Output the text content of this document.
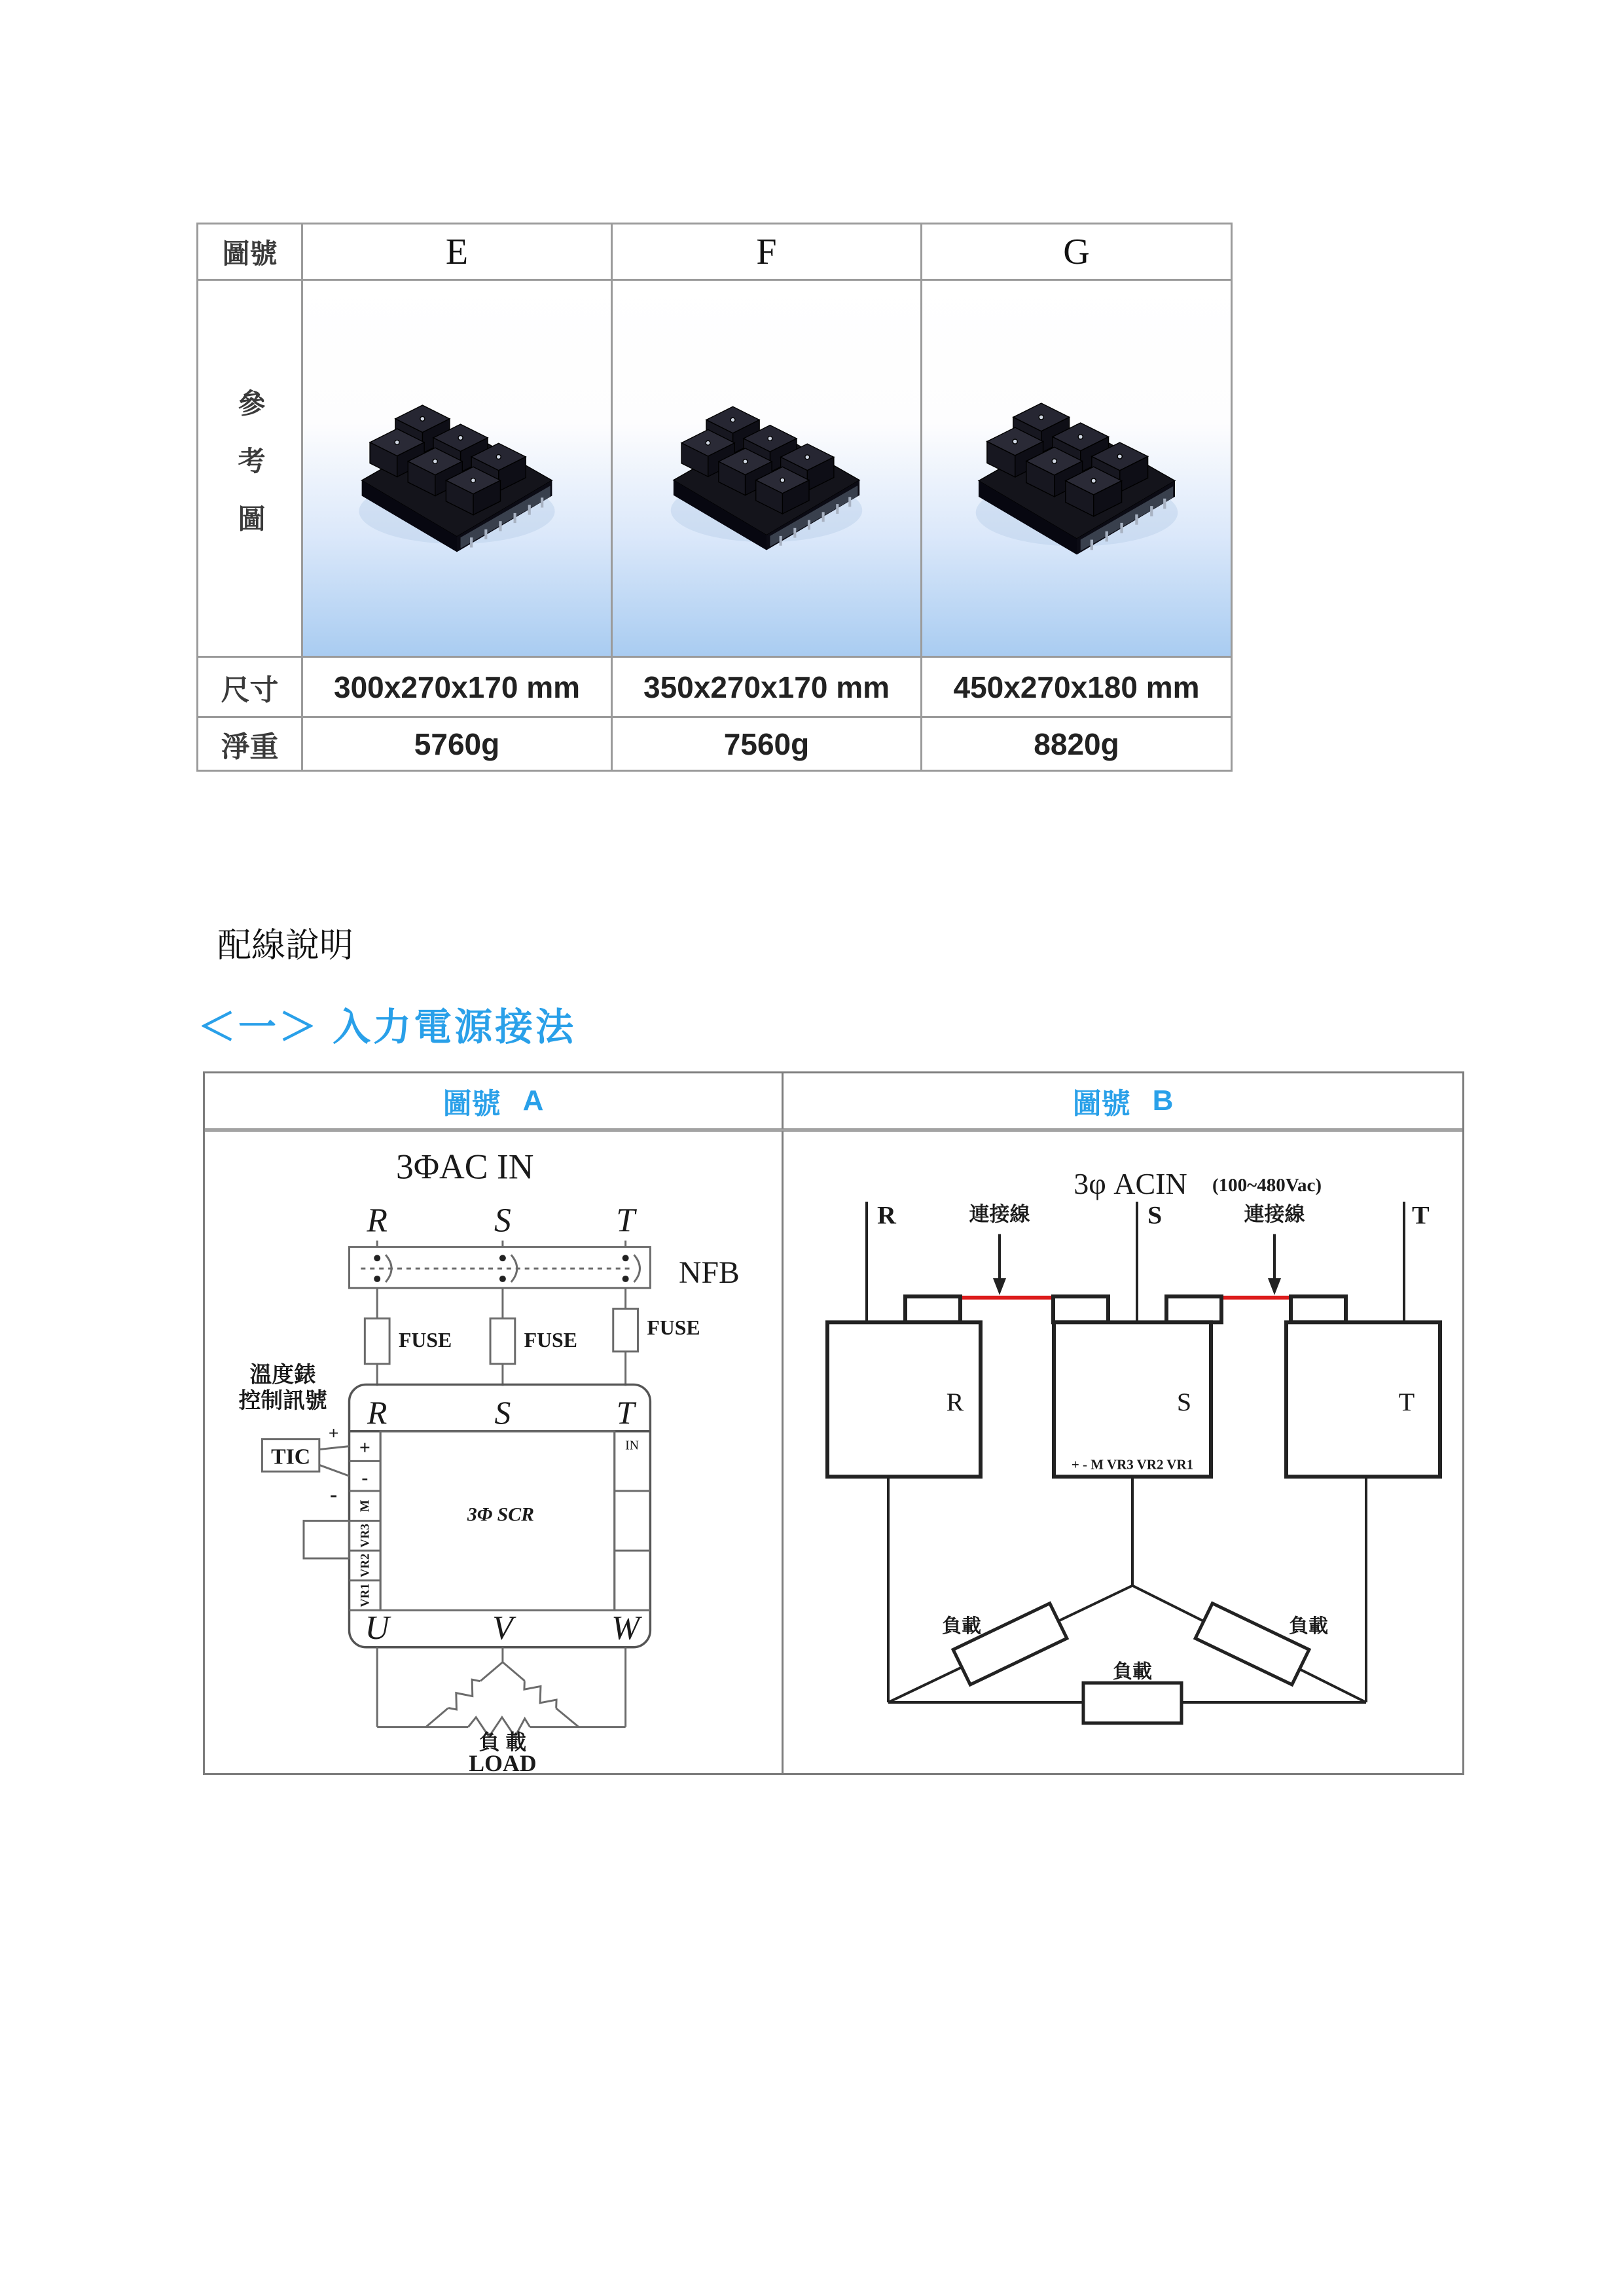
圖號	E	F	G
參考圖
尺寸	300x270x170 mm	350x270x170 mm	450x270x180 mm
淨重	5760g	7560g	8820g
配線說明
＜一＞ 入力電源接法
圖號 A	圖號 B
3ΦAC IN
R	S	T
NFB
FUSE	FUSE
FUSE
溫度錶
控制訊號 R	S	T
+
-
M
VR3
VR2
VR1
IN
3Φ SCR
U	V	W
TIC
+
-
負 載
LOAD
3φ ACIN (100~480Vac)
R	S	T
連接線	連接線
R	S	T
+ - M VR3 VR2 VR1
負載	負載
負載
